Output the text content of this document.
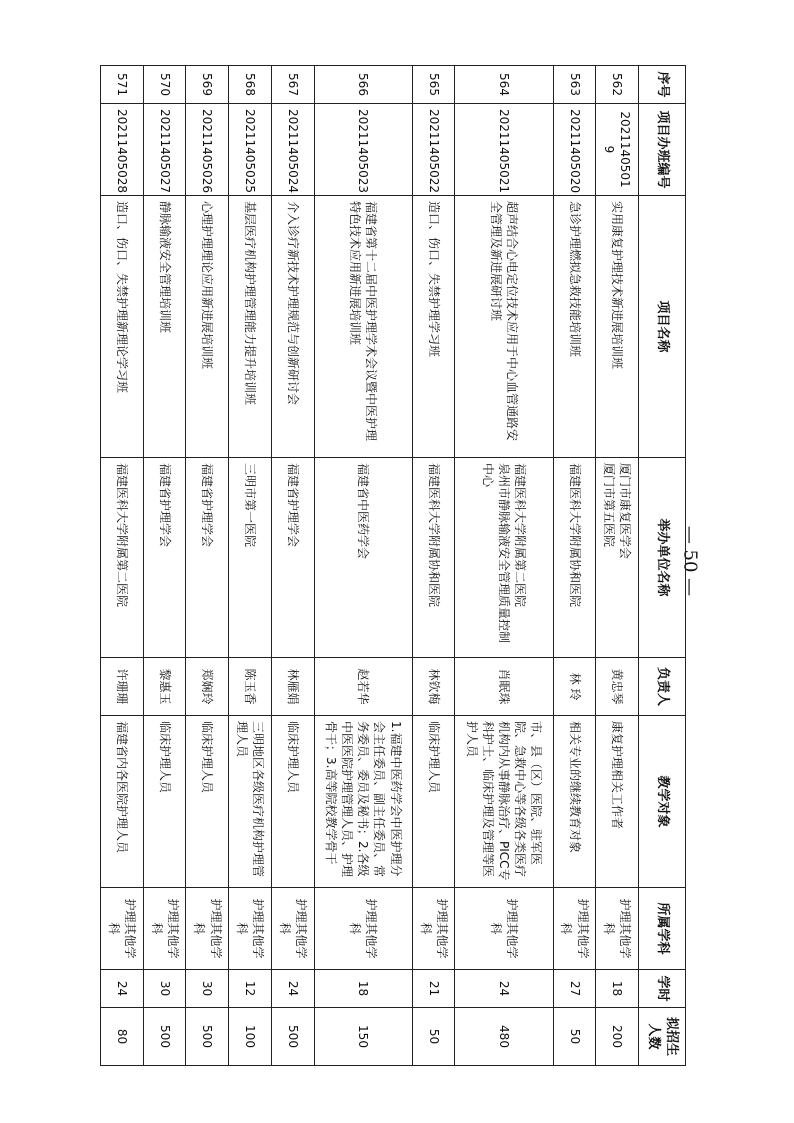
— 50 —
序号	项目办班编号	项目名称	举办单位名称	负责人	教学对象	所属学科	学时	拟招生人数
562	2021140501 9	实用康复护理技术新进展培训班	厦门市康复医学会
厦门市第五医院	黄忠琴	康复护理相关工作者	护理其他学科	18	200
563	20211405020	急诊护理燃拟急救技能培训班	福建医科大学附属协和医院	林 玲	相关专业的继续教育对象	护理其他学科	27	50
564	20211405021	超声结合心电定位技术应用于中心血管通路安全管理及新进展研讨班	福建医科大学附属第二医院
泉州市静脉输液安全管理质量控制中心	肖眠珠	市、县（区）医院、驻军医院、急救中心等各级各类医疗机构内从事静脉治疗、PICC专科护士、临床护理及管理等医护人员	护理其他学科	24	480
565	20211405022	造口、伤口、失禁护理学习班	福建医科大学附属协和医院	林钦梅	临床护理人员	护理其他学科	21	50
566	20211405023	福建省第十二届中医护理学术会议暨中医护理特色技术应用新进展培训班	福建省中医药学会	赵若华	1.福建中医药学会中医护理分会主任委员、副主任委员、常务委员、委员及秘书；2.各级中医医院护理管理人员、护理骨干；3.高等院校教学骨干	护理其他学科	18	150
567	20211405024	介入诊疗新技术护理规范与创新研讨会	福建省护理学会	林雁娟	临床护理人员	护理其他学科	24	500
568	20211405025	基层医疗机构护理管理能力提升培训班	三明市第一医院	陈玉香	三明地区各级医疗机构护理管理人员	护理其他学科	12	100
569	20211405026	心理护理理论应用新进展培训班	福建省护理学会	郑娴玲	临床护理人员	护理其他学科	30	500
570	20211405027	静脉输液安全管理培训班	福建省护理学会	黎惠玉	临床护理人员	护理其他学科	30	500
571	20211405028	造口、伤口、失禁护理新理论学习班	福建医科大学附属第二医院	许珊珊	福建省内各医院护理人员	护理其他学科	24	80
